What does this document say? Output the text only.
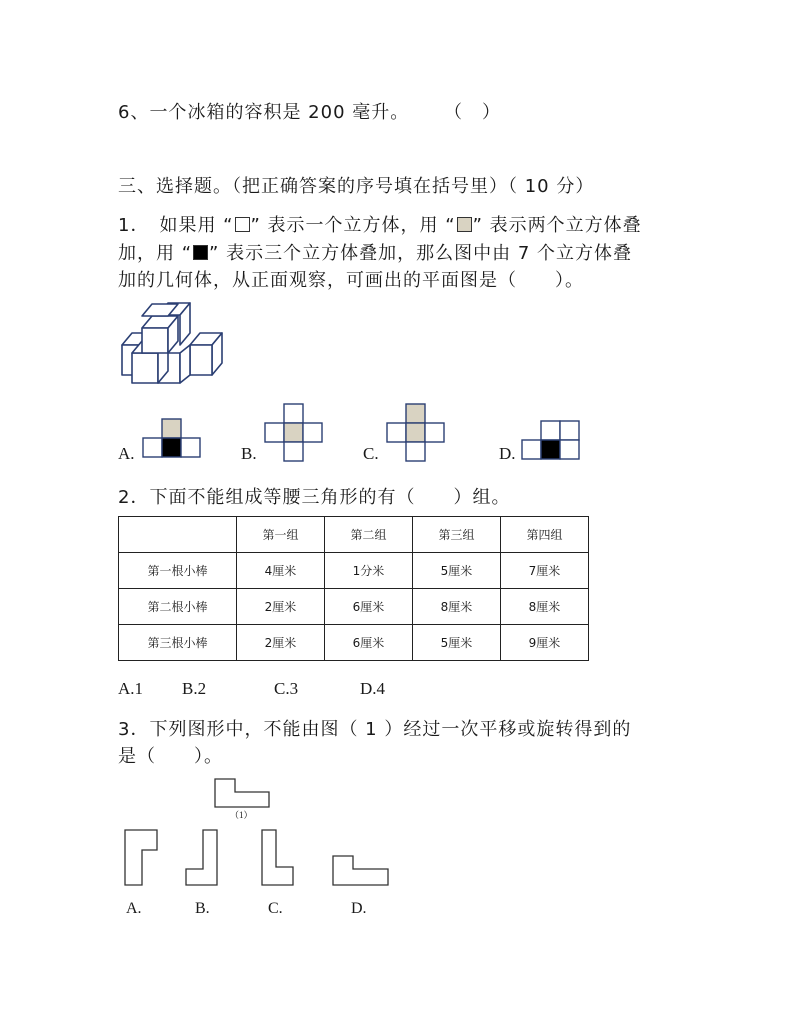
6、一个冰箱的容积是 200 毫升。 （　）
三、选择题。（把正确答案的序号填在括号里）（ 10 分）
1．　如果用 “ ” 表示一个立方体，用 “ ” 表示两个立方体叠
加，用 “ ” 表示三个立方体叠加，那么图中由 7 个立方体叠
加的几何体，从正面观察，可画出的平面图是（　　）。
A.	B.	C.	D.
2．下面不能组成等腰三角形的有（　　）组。
	第一组	第二组	第三组	第四组
第一根小棒	4厘米	1分米	5厘米	7厘米
第二根小棒	2厘米	6厘米	8厘米	8厘米
第三根小棒	2厘米	6厘米	5厘米	9厘米
A.1 B.2	C.3	D.4
3．下列图形中，不能由图（ 1 ）经过一次平移或旋转得到的
是（　　）。
（1）
A.	B.	C.	D.
